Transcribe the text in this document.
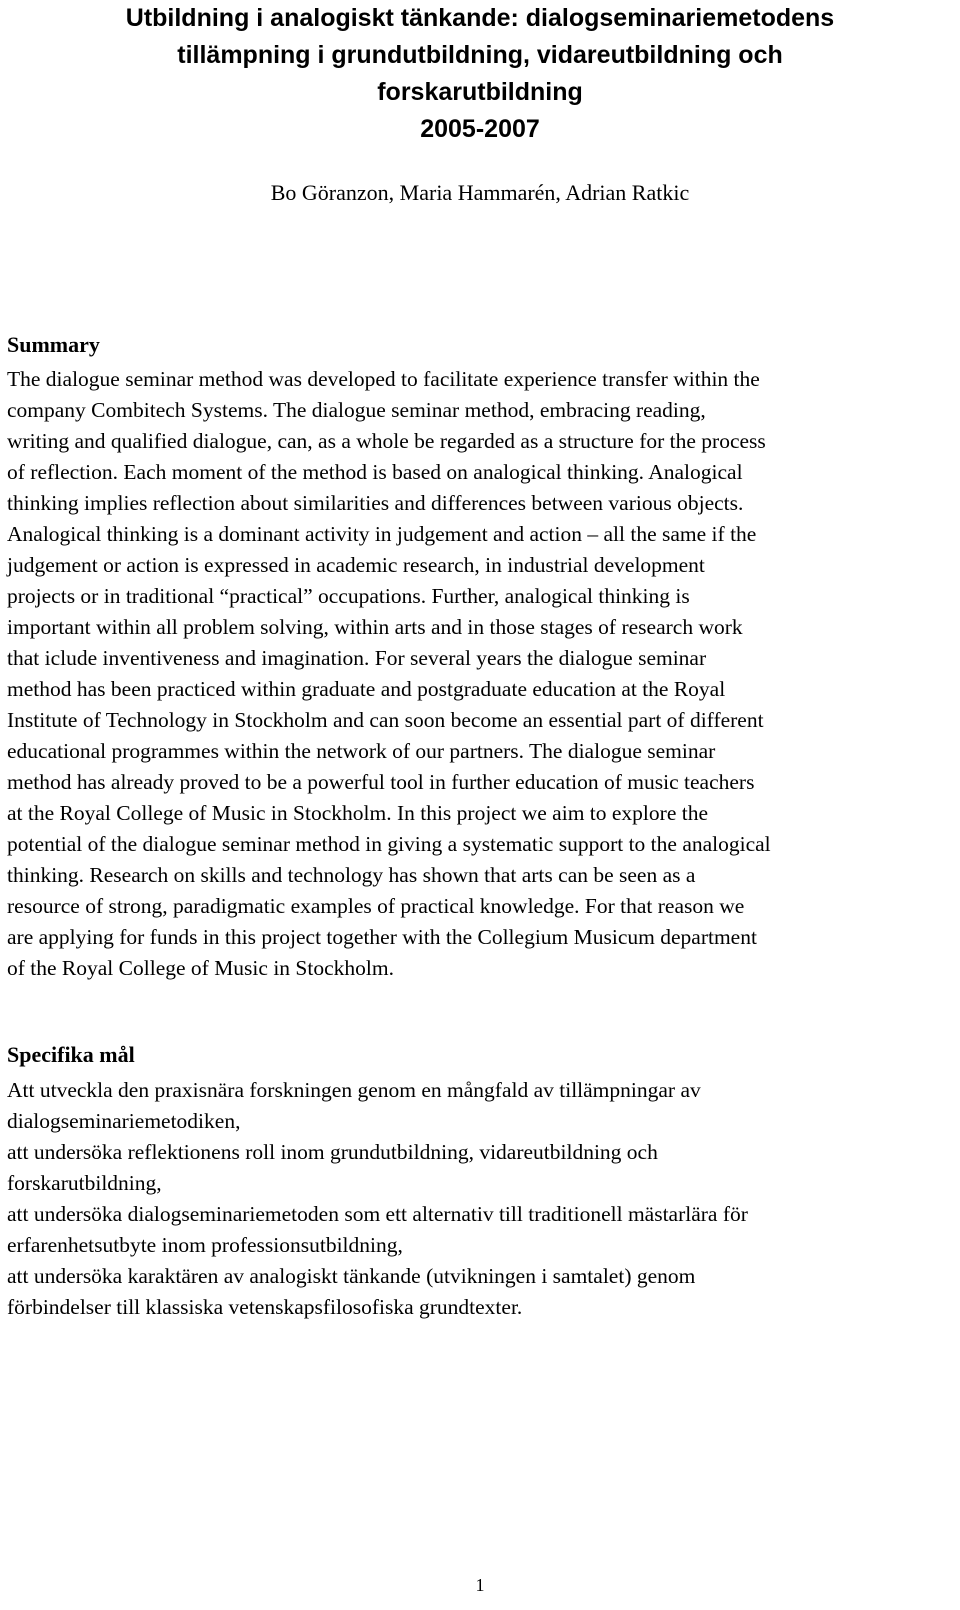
Utbildning i analogiskt tänkande: dialogseminariemetodens
tillämpning i grundutbildning, vidareutbildning och
forskarutbildning
2005-2007
Bo Göranzon, Maria Hammarén, Adrian Ratkic
Summary
The dialogue seminar method was developed to facilitate experience transfer within the
company Combitech Systems. The dialogue seminar method, embracing reading,
writing and qualified dialogue, can, as a whole be regarded as a structure for the process
of reflection. Each moment of the method is based on analogical thinking. Analogical
thinking implies reflection about similarities and differences between various objects.
Analogical thinking is a dominant activity in judgement and action – all the same if the
judgement or action is expressed in academic research, in industrial development
projects or in traditional “practical” occupations. Further, analogical thinking is
important within all problem solving, within arts and in those stages of research work
that iclude inventiveness and imagination. For several years the dialogue seminar
method has been practiced within graduate and postgraduate education at the Royal
Institute of Technology in Stockholm and can soon become an essential part of different
educational programmes within the network of our partners. The dialogue seminar
method has already proved to be a powerful tool in further education of music teachers
at the Royal College of Music in Stockholm. In this project we aim to explore the
potential of the dialogue seminar method in giving a systematic support to the analogical
thinking. Research on skills and technology has shown that arts can be seen as a
resource of strong, paradigmatic examples of practical knowledge. For that reason we
are applying for funds in this project together with the Collegium Musicum department
of the Royal College of Music in Stockholm.
Specifika mål
Att utveckla den praxisnära forskningen genom en mångfald av tillämpningar av
dialogseminariemetodiken,
att undersöka reflektionens roll inom grundutbildning, vidareutbildning och
forskarutbildning,
att undersöka dialogseminariemetoden som ett alternativ till traditionell mästarlära för
erfarenhetsutbyte inom professionsutbildning,
att undersöka karaktären av analogiskt tänkande (utvikningen i samtalet) genom
förbindelser till klassiska vetenskapsfilosofiska grundtexter.
1
